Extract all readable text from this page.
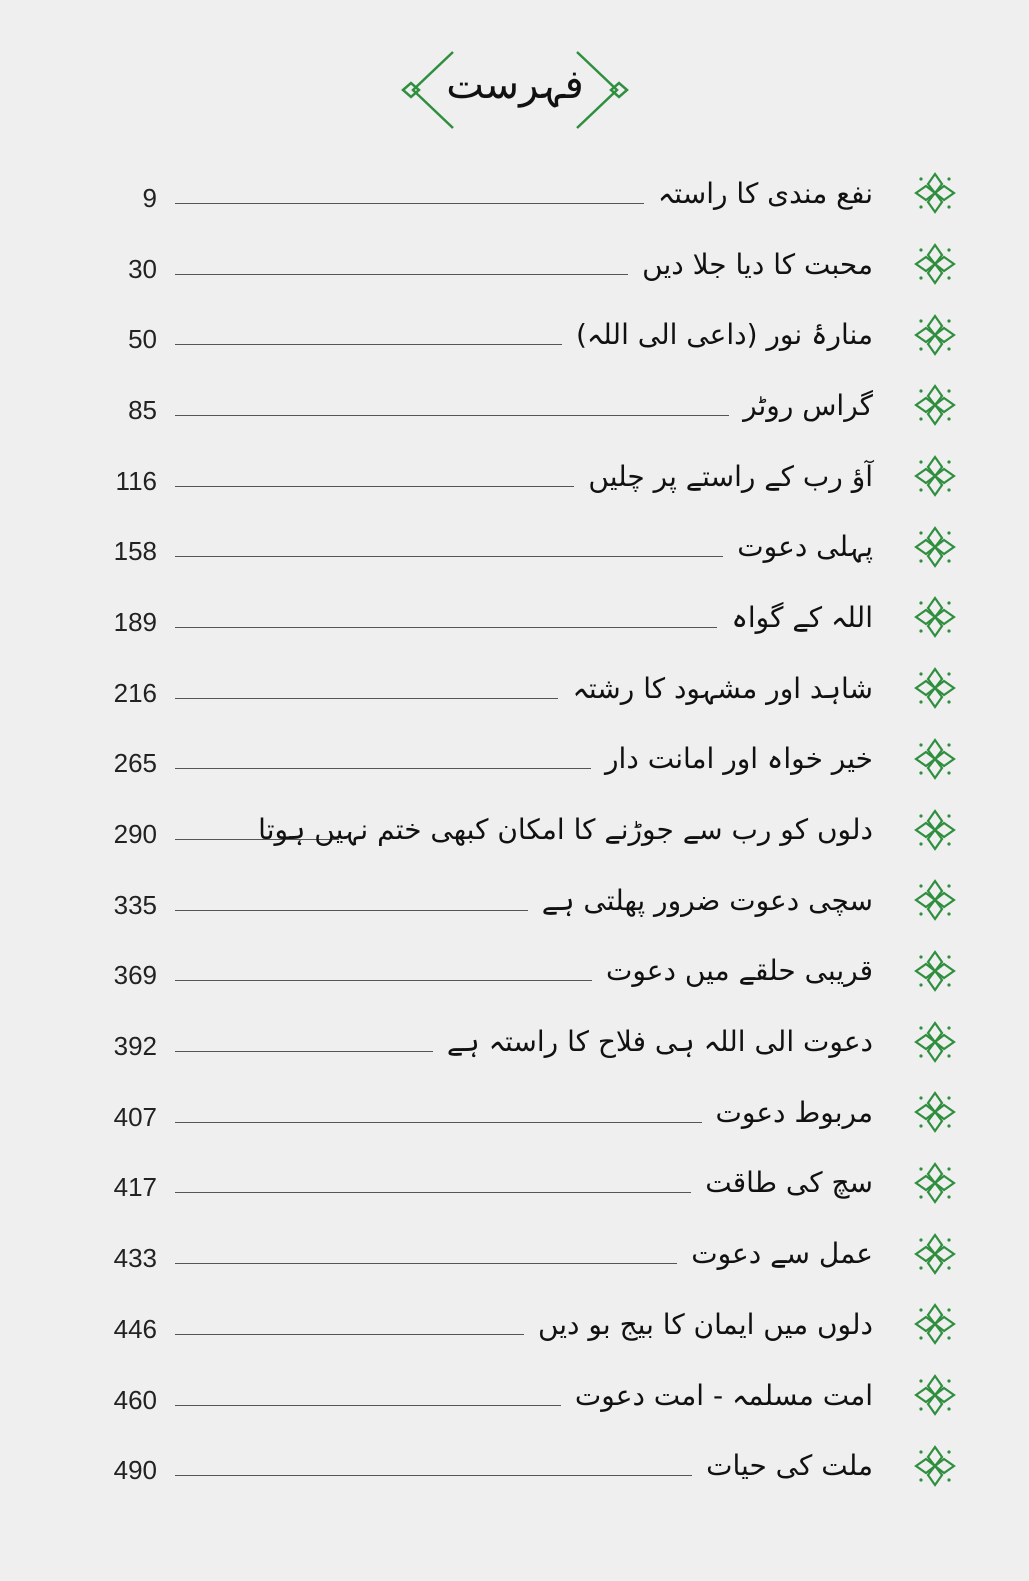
فہرست
9	نفع مندی کا راستہ
30	محبت کا دیا جلا دیں
50	منارۂ نور (داعی الی اللہ)
85	گراس روٹر
116	آؤ رب کے راستے پر چلیں
158	پہلی دعوت
189	اللہ کے گواہ
216	شاہد اور مشہود کا رشتہ
265	خیر خواہ اور امانت دار
290	دلوں کو رب سے جوڑنے کا امکان کبھی ختم نہیں ہوتا
335	سچی دعوت ضرور پھلتی ہے
369	قریبی حلقے میں دعوت
392	دعوت الی اللہ ہی فلاح کا راستہ ہے
407	مربوط دعوت
417	سچ کی طاقت
433	عمل سے دعوت
446	دلوں میں ایمان کا بیج بو دیں
460	امت مسلمہ - امت دعوت
490	ملت کی حیات
